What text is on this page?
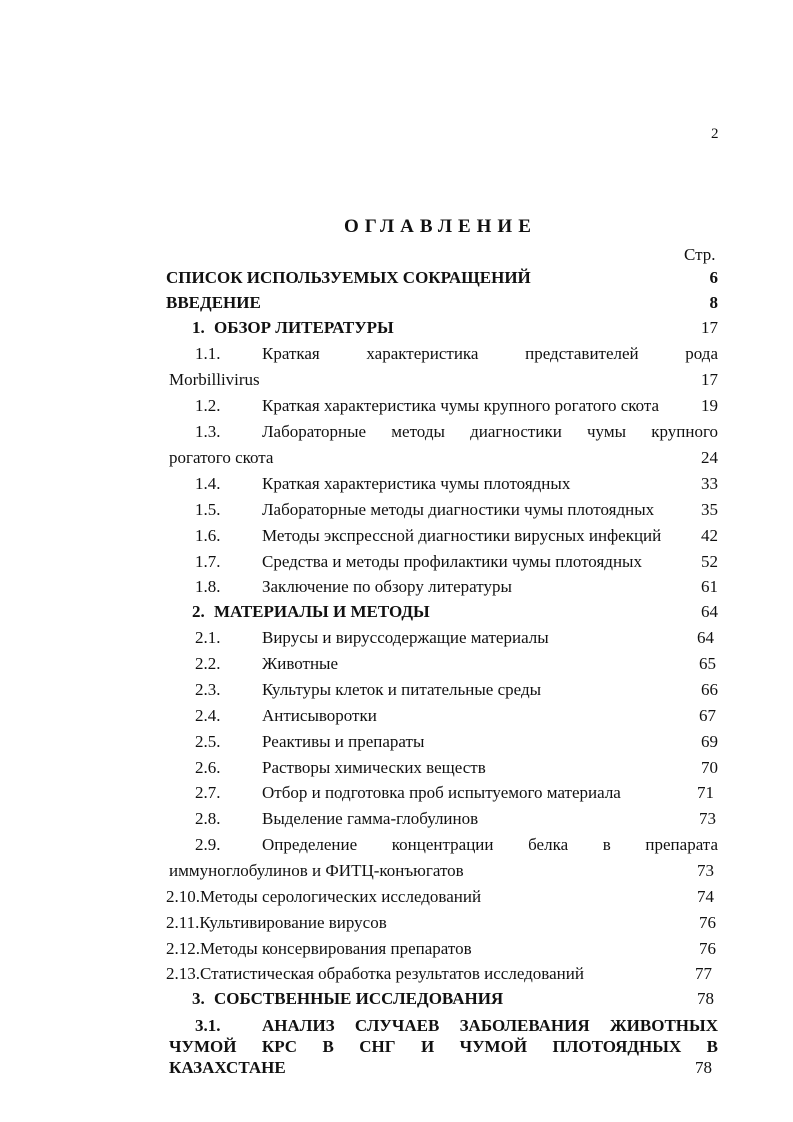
2
ОГЛАВЛЕНИЕ
Стр.
СПИСОК ИСПОЛЬЗУЕМЫХ СОКРАЩЕНИЙ	6
ВВЕДЕНИЕ	8
1. ОБЗОР ЛИТЕРАТУРЫ	17
1.1. Краткая характеристика представителей рода
Morbillivirus	17
1.2. Краткая характеристика чумы крупного рогатого скота	19
1.3. Лабораторные методы диагностики чумы крупного
рогатого скота	24
1.4. Краткая характеристика чумы плотоядных	33
1.5. Лабораторные методы диагностики чумы плотоядных	35
1.6. Методы экспрессной диагностики вирусных инфекций	42
1.7. Средства и методы профилактики чумы плотоядных	52
1.8. Заключение по обзору литературы	61
2. МАТЕРИАЛЫ И МЕТОДЫ	64
2.1. Вирусы и вируссодержащие материалы	64
2.2. Животные	65
2.3. Культуры клеток и питательные среды	66
2.4. Антисыворотки	67
2.5. Реактивы и препараты	69
2.6. Растворы химических веществ	70
2.7. Отбор и подготовка проб испытуемого материала	71
2.8. Выделение гамма-глобулинов	73
2.9. Определение концентрации белка в препарата
иммуноглобулинов и ФИТЦ-конъюгатов	73
2.10.Методы серологических исследований	74
2.11.Культивирование вирусов	76
2.12.Методы консервирования препаратов	76
2.13.Статистическая обработка результатов исследований	77
3. СОБСТВЕННЫЕ ИССЛЕДОВАНИЯ	78
3.1. АНАЛИЗ СЛУЧАЕВ ЗАБОЛЕВАНИЯ ЖИВОТНЫХ
ЧУМОЙ КРС В СНГ И ЧУМОЙ ПЛОТОЯДНЫХ В
КАЗАХСТАНЕ	78
